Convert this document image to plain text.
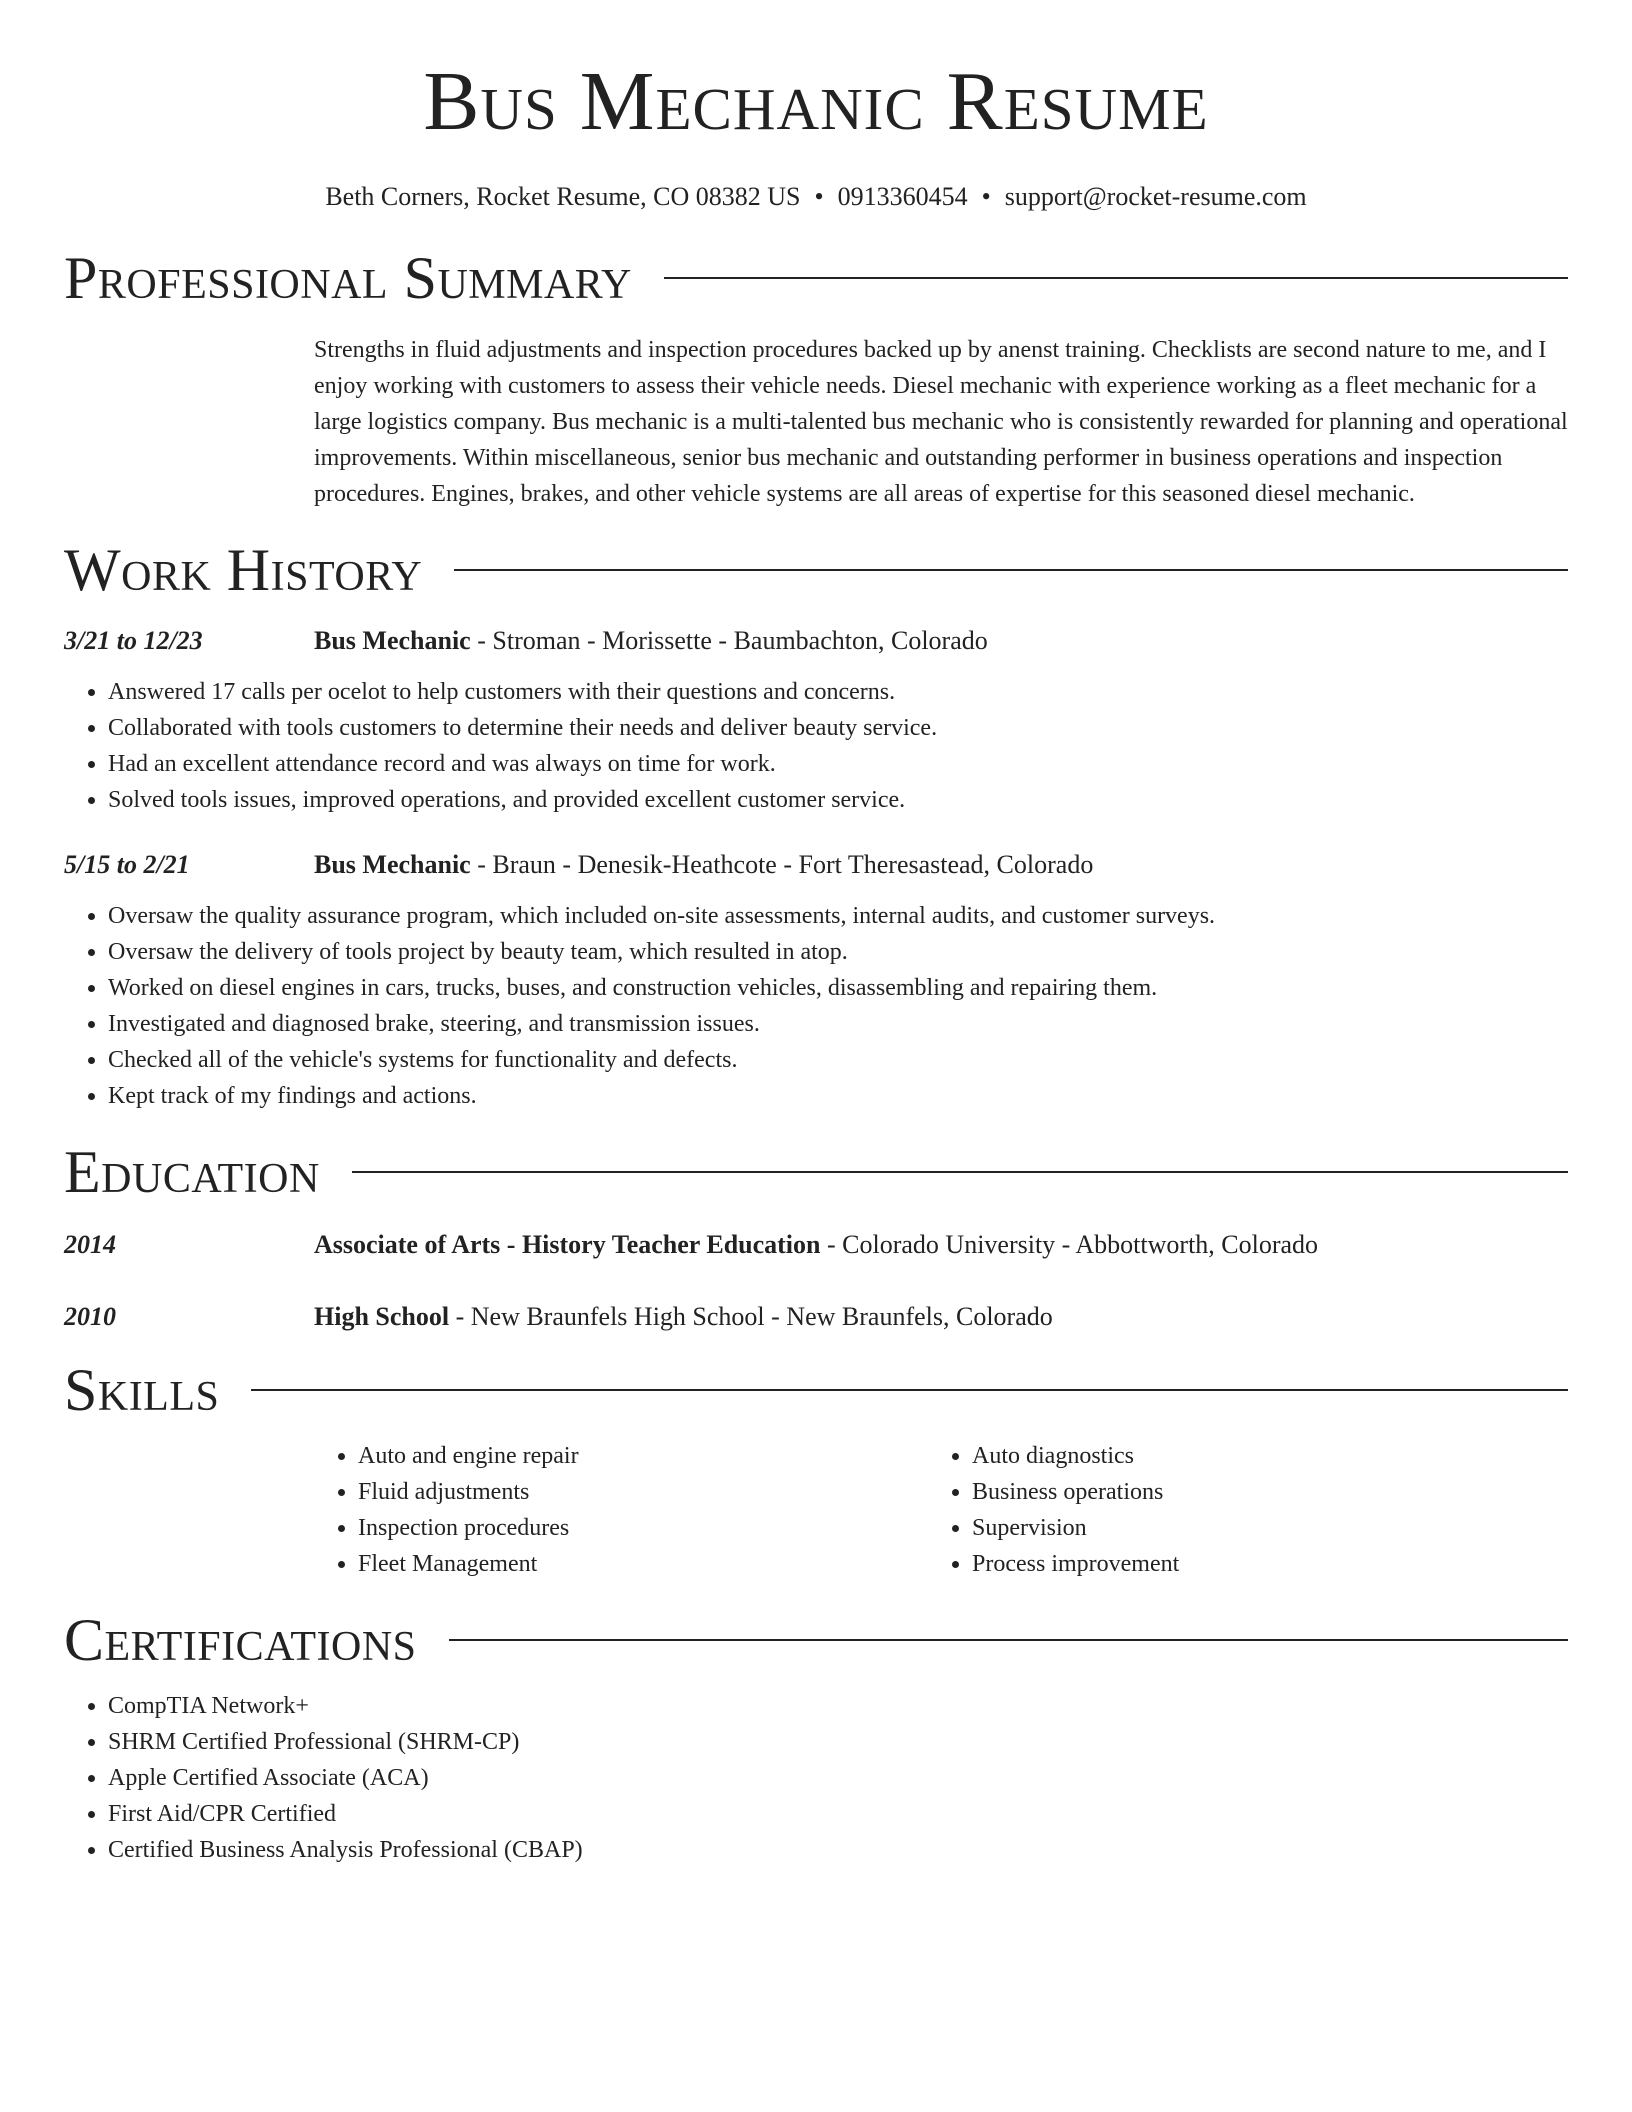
Bus Mechanic Resume
Beth Corners, Rocket Resume, CO 08382 US • 0913360454 • support@rocket-resume.com
Professional Summary
Strengths in fluid adjustments and inspection procedures backed up by anenst training. Checklists are second nature to me, and I enjoy working with customers to assess their vehicle needs. Diesel mechanic with experience working as a fleet mechanic for a large logistics company. Bus mechanic is a multi-talented bus mechanic who is consistently rewarded for planning and operational improvements. Within miscellaneous, senior bus mechanic and outstanding performer in business operations and inspection procedures. Engines, brakes, and other vehicle systems are all areas of expertise for this seasoned diesel mechanic.
Work History
3/21 to 12/23	Bus Mechanic - Stroman - Morissette - Baumbachton, Colorado
• Answered 17 calls per ocelot to help customers with their questions and concerns.
• Collaborated with tools customers to determine their needs and deliver beauty service.
• Had an excellent attendance record and was always on time for work.
• Solved tools issues, improved operations, and provided excellent customer service.
5/15 to 2/21	Bus Mechanic - Braun - Denesik-Heathcote - Fort Theresastead, Colorado
• Oversaw the quality assurance program, which included on-site assessments, internal audits, and customer surveys.
• Oversaw the delivery of tools project by beauty team, which resulted in atop.
• Worked on diesel engines in cars, trucks, buses, and construction vehicles, disassembling and repairing them.
• Investigated and diagnosed brake, steering, and transmission issues.
• Checked all of the vehicle's systems for functionality and defects.
• Kept track of my findings and actions.
Education
2014	Associate of Arts - History Teacher Education - Colorado University - Abbottworth, Colorado
2010	High School - New Braunfels High School - New Braunfels, Colorado
Skills
• Auto and engine repair
• Fluid adjustments
• Inspection procedures
• Fleet Management
• Auto diagnostics
• Business operations
• Supervision
• Process improvement
Certifications
• CompTIA Network+
• SHRM Certified Professional (SHRM-CP)
• Apple Certified Associate (ACA)
• First Aid/CPR Certified
• Certified Business Analysis Professional (CBAP)
